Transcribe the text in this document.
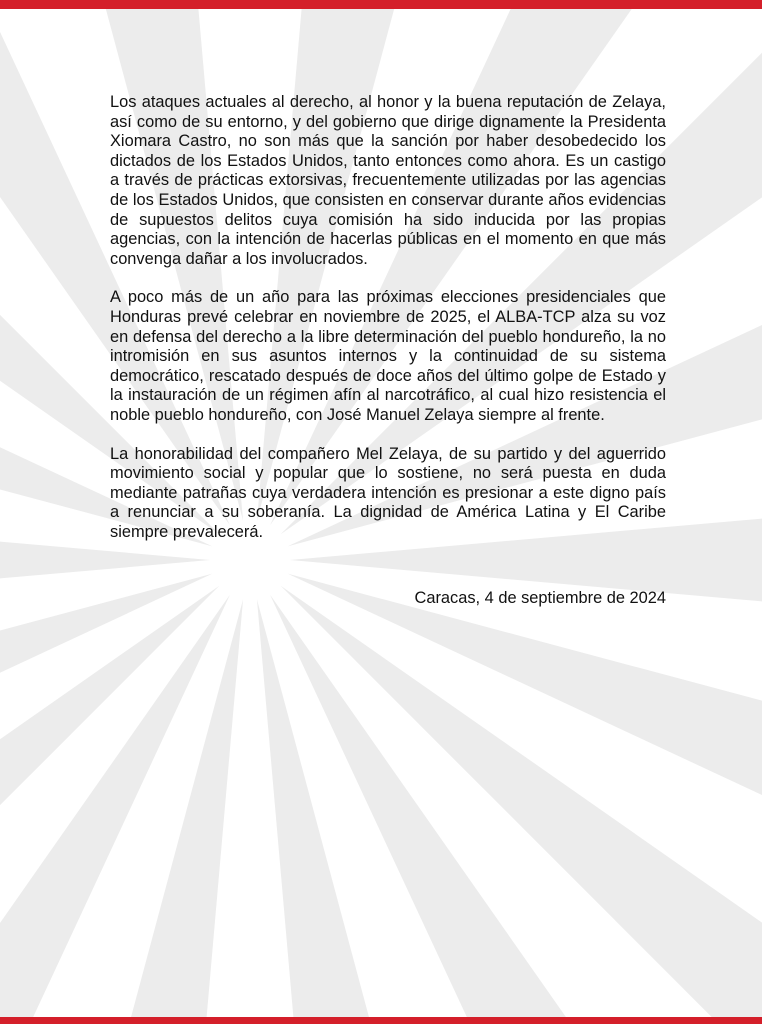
Los ataques actuales al derecho, al honor y la buena reputación de Zelaya, así como de su entorno, y del gobierno que dirige dignamente la Presidenta Xiomara Castro, no son más que la sanción por haber desobedecido los dictados de los Estados Unidos, tanto entonces como ahora. Es un castigo a través de prácticas extorsivas, frecuentemente utilizadas por las agencias de los Estados Unidos, que consisten en conservar durante años evidencias de supuestos delitos cuya comisión ha sido inducida por las propias agencias, con la intención de hacerlas públicas en el momento en que más convenga dañar a los involucrados.

A poco más de un año para las próximas elecciones presidenciales que Honduras prevé celebrar en noviembre de 2025, el ALBA-TCP alza su voz en defensa del derecho a la libre determinación del pueblo hondureño, la no intromisión en sus asuntos internos y la continuidad de su sistema democrático, rescatado después de doce años del último golpe de Estado y la instauración de un régimen afín al narcotráfico, al cual hizo resistencia el noble pueblo hondureño, con José Manuel Zelaya siempre al frente.

La honorabilidad del compañero Mel Zelaya, de su partido y del aguerrido movimiento social y popular que lo sostiene, no será puesta en duda mediante patrañas cuya verdadera intención es presionar a este digno país a renunciar a su soberanía. La dignidad de América Latina y El Caribe siempre prevalecerá.

Caracas, 4 de septiembre de 2024
